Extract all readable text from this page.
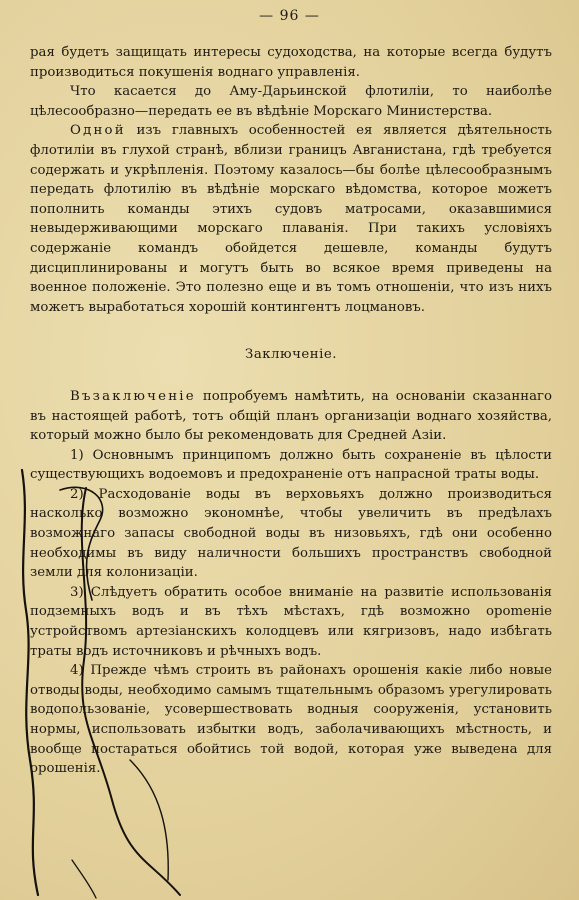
— 96 —

рая будетъ защищать интересы судоходства, на которые всегда будутъ производиться покушенія воднаго управленія.

Что касается до Аму-Дарьинской флотиліи, то наиболѣе цѣлесообразно—передать ее въ вѣдѣніе Морскаго Министерства.

Одной изъ главныхъ особенностей ея является дѣятельность флотиліи въ глухой странѣ, вблизи границъ Авганистана, гдѣ требуется содержать и укрѣпленія. Поэтому казалось—бы болѣе цѣлесообразнымъ передать флотилію въ вѣдѣніе морскаго вѣдомства, которое можетъ пополнить команды этихъ судовъ матросами, оказавшимися невыдерживающими морскаго плаванія. При такихъ условіяхъ содержаніе командъ обойдется дешевле, команды будутъ дисциплинированы и могутъ быть во всякое время приведены на военное положеніе. Это полезно еще и въ томъ отношеніи, что изъ нихъ можетъ выработаться хорошій контингентъ лоцмановъ.

Заключеніе.

Възаключеніе попробуемъ намѣтить, на основаніи сказаннаго въ настоящей работѣ, тотъ общій планъ организаціи воднаго хозяйства, который можно было бы рекомендовать для Средней Азіи.

1) Основнымъ принципомъ должно быть сохраненіе въ цѣлости существующихъ водоемовъ и предохраненіе отъ напрасной траты воды.

2) Расходованіе воды въ верховьяхъ должно производиться насколько возможно экономнѣе, чтобы увеличить въ предѣлахъ возможнаго запасы свободной воды въ низовьяхъ, гдѣ они особенно необходимы въ виду наличности большихъ пространствъ свободной земли для колонизаціи.

3) Слѣдуетъ обратить особое вниманіе на развитіе использованія подземныхъ водъ и въ тѣхъ мѣстахъ, гдѣ возможно ороmеніе устройствомъ артезіанскихъ колодцевъ или кягризовъ, надо избѣгать траты водъ источниковъ и рѣчныхъ водъ.

4) Прежде чѣмъ строить въ районахъ орошенія какіе либо новые отводы воды, необходимо самымъ тщательнымъ образомъ урегулировать водопользованіе, усовершествовать водныя сооруженія, установить нормы, использовать избытки водъ, заболачивающихъ мѣстность, и вообще постараться обойтись той водой, которая уже выведена для орошенія.
